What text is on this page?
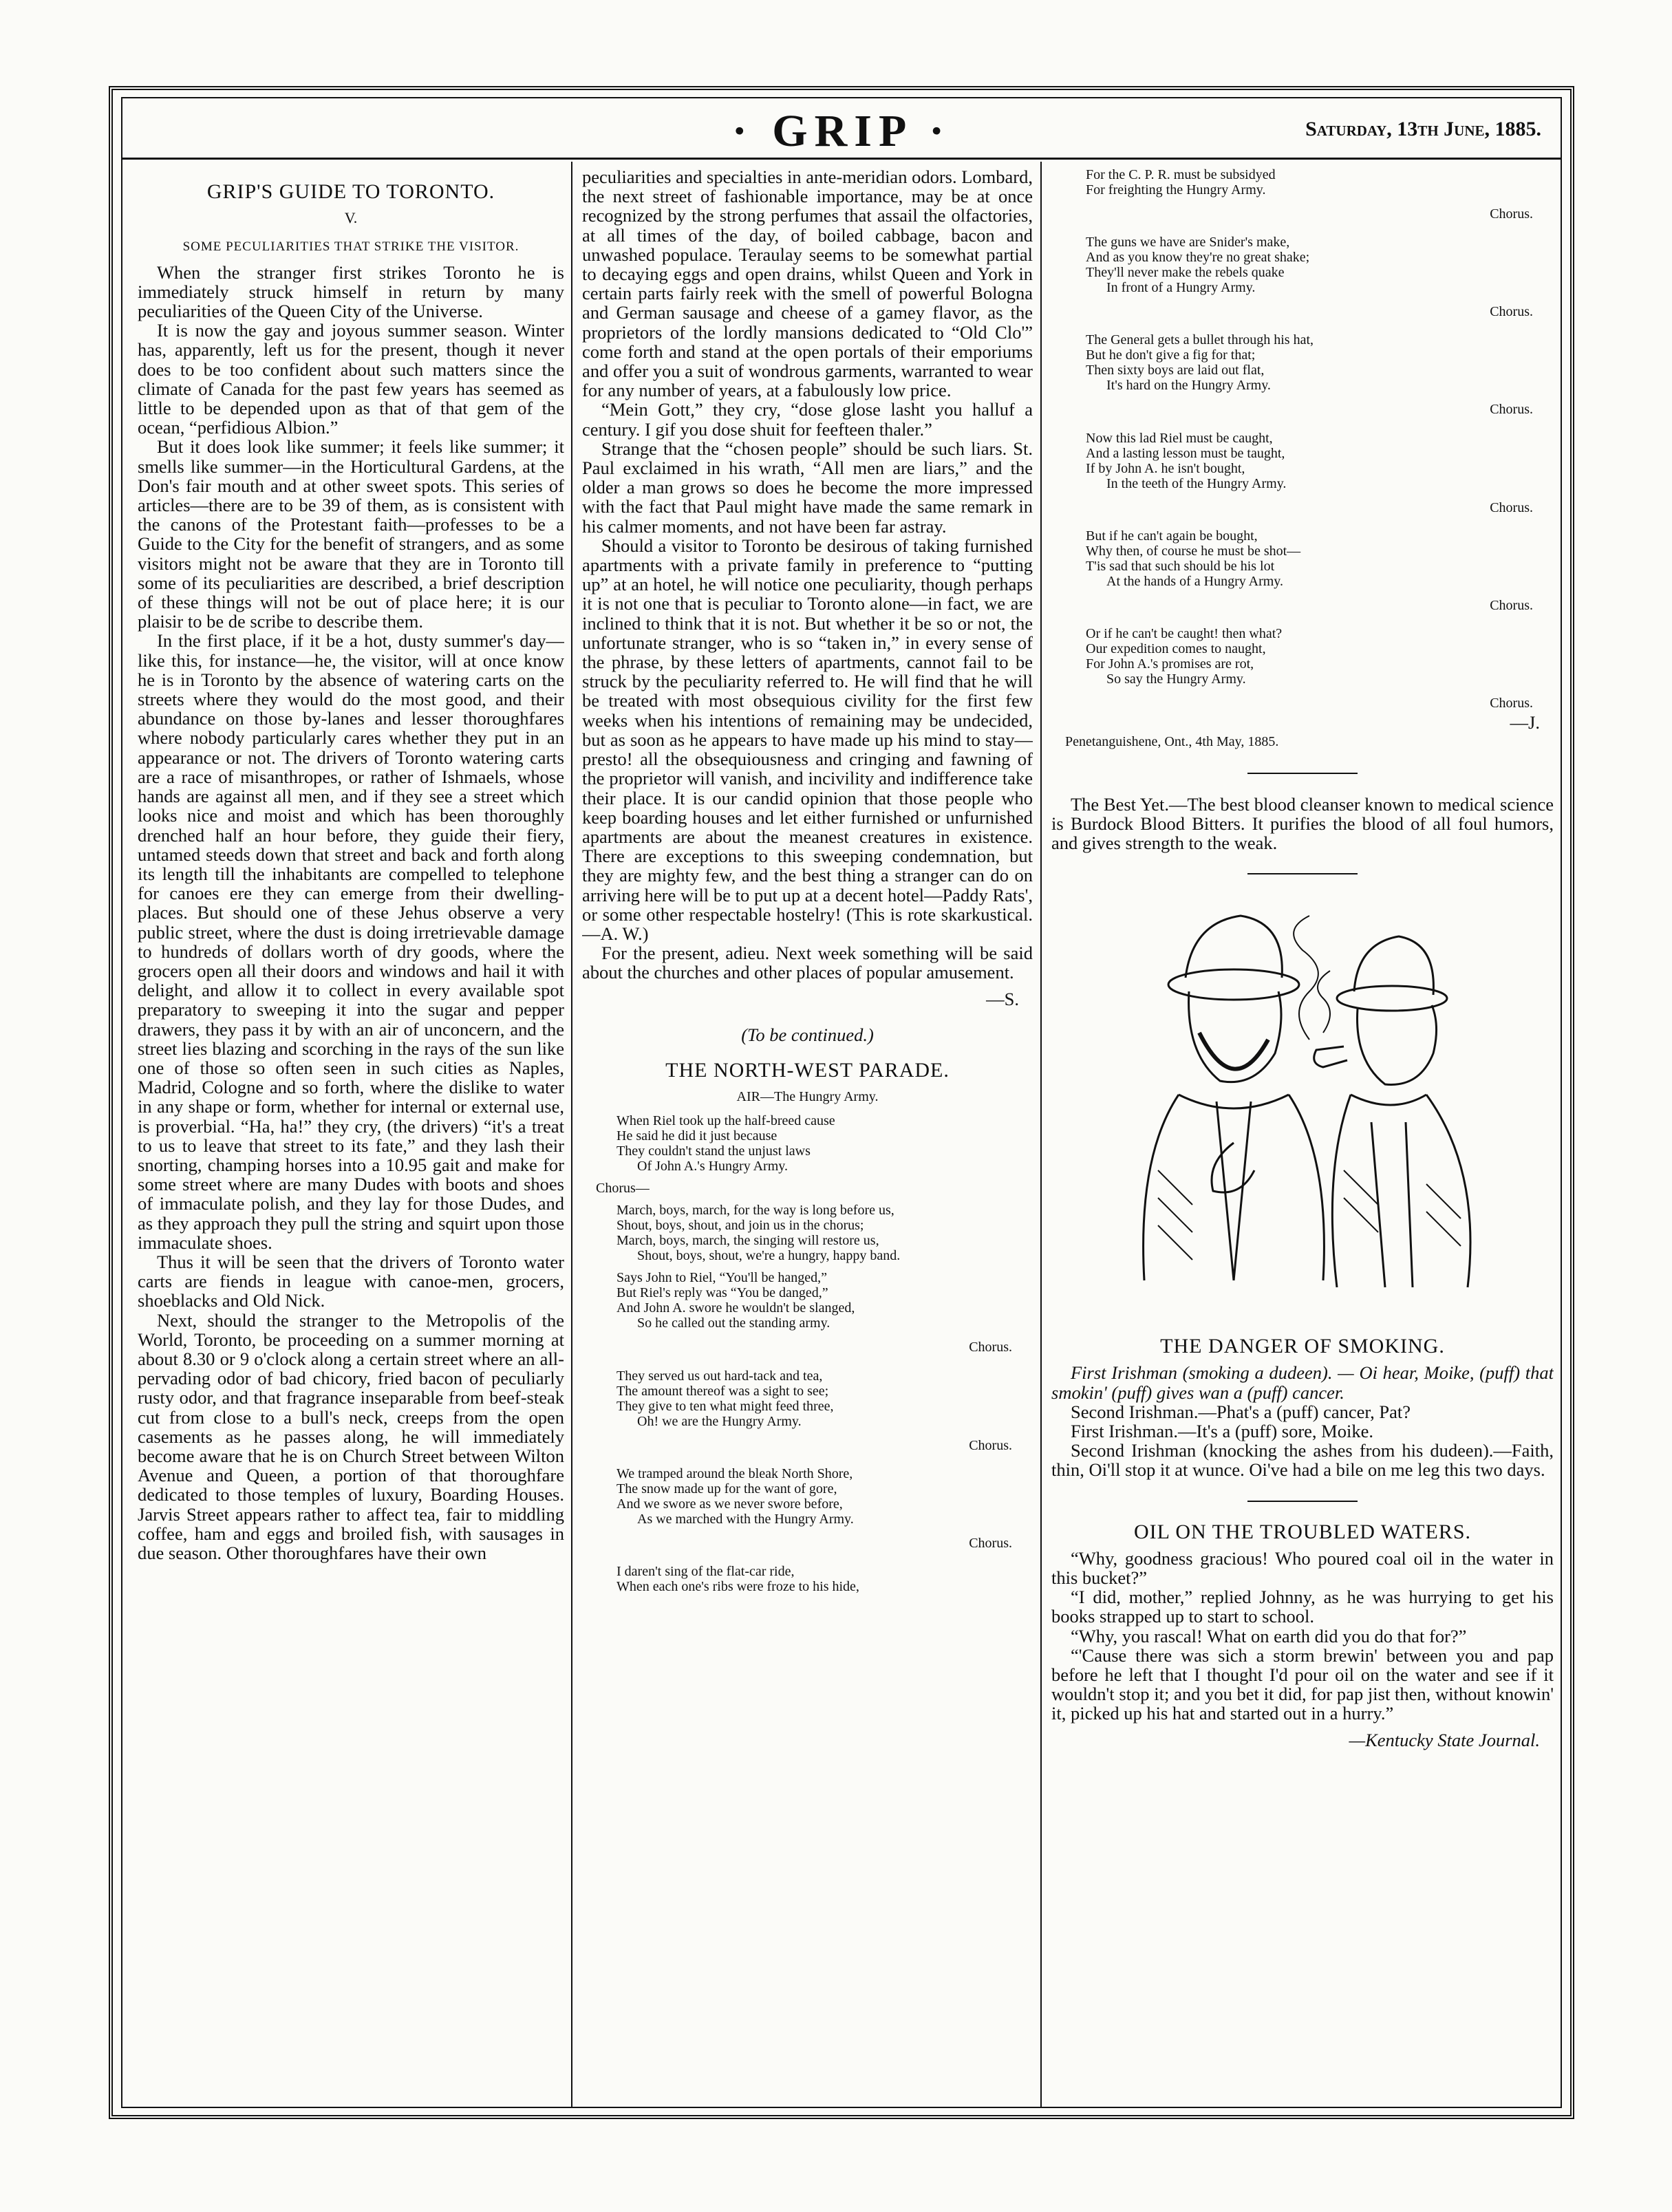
· GRIP ·	Saturday, 13th June, 1885.
GRIP'S GUIDE TO TORONTO.
V.
SOME PECULIARITIES THAT STRIKE THE VISITOR.

When the stranger first strikes Toronto he is immediately struck himself in return by many peculiarities of the Queen City of the Universe.

It is now the gay and joyous summer season. Winter has, apparently, left us for the present, though it never does to be too confident about such matters since the climate of Canada for the past few years has seemed as little to be depended upon as that of that gem of the ocean, “perfidious Albion.”

But it does look like summer; it feels like summer; it smells like summer—in the Horticultural Gardens, at the Don's fair mouth and at other sweet spots. This series of articles—there are to be 39 of them, as is consistent with the canons of the Protestant faith—professes to be a Guide to the City for the benefit of strangers, and as some visitors might not be aware that they are in Toronto till some of its peculiarities are described, a brief description of these things will not be out of place here; it is our plaisir to be de scribe to describe them.

In the first place, if it be a hot, dusty summer's day—like this, for instance—he, the visitor, will at once know he is in Toronto by the absence of watering carts on the streets where they would do the most good, and their abundance on those by-lanes and lesser thoroughfares where nobody particularly cares whether they put in an appearance or not. The drivers of Toronto watering carts are a race of misanthropes, or rather of Ishmaels, whose hands are against all men, and if they see a street which looks nice and moist and which has been thoroughly drenched half an hour before, they guide their fiery, untamed steeds down that street and back and forth along its length till the inhabitants are compelled to telephone for canoes ere they can emerge from their dwelling-places. But should one of these Jehus observe a very public street, where the dust is doing irretrievable damage to hundreds of dollars worth of dry goods, where the grocers open all their doors and windows and hail it with delight, and allow it to collect in every available spot preparatory to sweeping it into the sugar and pepper drawers, they pass it by with an air of unconcern, and the street lies blazing and scorching in the rays of the sun like one of those so often seen in such cities as Naples, Madrid, Cologne and so forth, where the dislike to water in any shape or form, whether for internal or external use, is proverbial. “Ha, ha!” they cry, (the drivers) “it's a treat to us to leave that street to its fate,” and they lash their snorting, champing horses into a 10.95 gait and make for some street where are many Dudes with boots and shoes of immaculate polish, and they lay for those Dudes, and as they approach they pull the string and squirt upon those immaculate shoes.

Thus it will be seen that the drivers of Toronto water carts are fiends in league with canoe-men, grocers, shoeblacks and Old Nick.

Next, should the stranger to the Metropolis of the World, Toronto, be proceeding on a summer morning at about 8.30 or 9 o'clock along a certain street where an all-pervading odor of bad chicory, fried bacon of peculiarly rusty odor, and that fragrance inseparable from beef-steak cut from close to a bull's neck, creeps from the open casements as he passes along, he will immediately become aware that he is on Church Street between Wilton Avenue and Queen, a portion of that thoroughfare dedicated to those temples of luxury, Boarding Houses. Jarvis Street appears rather to affect tea, fair to middling coffee, ham and eggs and broiled fish, with sausages in due season. Other thoroughfares have their own

peculiarities and specialties in ante-meridian odors. Lombard, the next street of fashionable importance, may be at once recognized by the strong perfumes that assail the olfactories, at all times of the day, of boiled cabbage, bacon and unwashed populace. Teraulay seems to be somewhat partial to decaying eggs and open drains, whilst Queen and York in certain parts fairly reek with the smell of powerful Bologna and German sausage and cheese of a gamey flavor, as the proprietors of the lordly mansions dedicated to “Old Clo'” come forth and stand at the open portals of their emporiums and offer you a suit of wondrous garments, warranted to wear for any number of years, at a fabulously low price.

“Mein Gott,” they cry, “dose glose lasht you halluf a century. I gif you dose shuit for feefteen thaler.”

Strange that the “chosen people” should be such liars. St. Paul exclaimed in his wrath, “All men are liars,” and the older a man grows so does he become the more impressed with the fact that Paul might have made the same remark in his calmer moments, and not have been far astray.

Should a visitor to Toronto be desirous of taking furnished apartments with a private family in preference to “putting up” at an hotel, he will notice one peculiarity, though perhaps it is not one that is peculiar to Toronto alone—in fact, we are inclined to think that it is not. But whether it be so or not, the unfortunate stranger, who is so “taken in,” in every sense of the phrase, by these letters of apartments, cannot fail to be struck by the peculiarity referred to. He will find that he will be treated with most obsequious civility for the first few weeks when his intentions of remaining may be undecided, but as soon as he appears to have made up his mind to stay—presto! all the obsequiousness and cringing and fawning of the proprietor will vanish, and incivility and indifference take their place. It is our candid opinion that those people who keep boarding houses and let either furnished or unfurnished apartments are about the meanest creatures in existence. There are exceptions to this sweeping condemnation, but they are mighty few, and the best thing a stranger can do on arriving here will be to put up at a decent hotel—Paddy Rats', or some other respectable hostelry! (This is rote skarkustical.—A. W.)

For the present, adieu. Next week something will be said about the churches and other places of popular amusement.

—S.
(To be continued.)
THE NORTH-WEST PARADE.
AIR—The Hungry Army.
When Riel took up the half-breed cause
He said he did it just because
They couldn't stand the unjust laws
Of John A.'s Hungry Army.
Chorus—
March, boys, march, for the way is long before us,
Shout, boys, shout, and join us in the chorus;
March, boys, march, the singing will restore us,
Shout, boys, shout, we're a hungry, happy band.
Says John to Riel, “You'll be hanged,”
But Riel's reply was “You be danged,”
And John A. swore he wouldn't be slanged,
So he called out the standing army.
Chorus.
They served us out hard-tack and tea,
The amount thereof was a sight to see;
They give to ten what might feed three,
Oh! we are the Hungry Army.
Chorus.
We tramped around the bleak North Shore,
The snow made up for the want of gore,
And we swore as we never swore before,
As we marched with the Hungry Army.
Chorus.
I daren't sing of the flat-car ride,
When each one's ribs were froze to his hide,
For the C. P. R. must be subsidyed
For freighting the Hungry Army.
Chorus.
The guns we have are Snider's make,
And as you know they're no great shake;
They'll never make the rebels quake
In front of a Hungry Army.
Chorus.
The General gets a bullet through his hat,
But he don't give a fig for that;
Then sixty boys are laid out flat,
It's hard on the Hungry Army.
Chorus.
Now this lad Riel must be caught,
And a lasting lesson must be taught,
If by John A. he isn't bought,
In the teeth of the Hungry Army.
Chorus.
But if he can't again be bought,
Why then, of course he must be shot—
T'is sad that such should be his lot
At the hands of a Hungry Army.
Chorus.
Or if he can't be caught! then what?
Our expedition comes to naught,
For John A.'s promises are rot,
So say the Hungry Army.
Chorus.
—J.
Penetanguishene, Ont., 4th May, 1885.

The Best Yet.—The best blood cleanser known to medical science is Burdock Blood Bitters. It purifies the blood of all foul humors, and gives strength to the weak.

THE DANGER OF SMOKING.

First Irishman (smoking a dudeen). — Oi hear, Moike, (puff) that smokin' (puff) gives wan a (puff) cancer.

Second Irishman.—Phat's a (puff) cancer, Pat?

First Irishman.—It's a (puff) sore, Moike.

Second Irishman (knocking the ashes from his dudeen).—Faith, thin, Oi'll stop it at wunce. Oi've had a bile on me leg this two days.

OIL ON THE TROUBLED WATERS.

“Why, goodness gracious! Who poured coal oil in the water in this bucket?”

“I did, mother,” replied Johnny, as he was hurrying to get his books strapped up to start to school.

“Why, you rascal! What on earth did you do that for?”

“'Cause there was sich a storm brewin' between you and pap before he left that I thought I'd pour oil on the water and see if it wouldn't stop it; and you bet it did, for pap jist then, without knowin' it, picked up his hat and started out in a hurry.”

—Kentucky State Journal.
